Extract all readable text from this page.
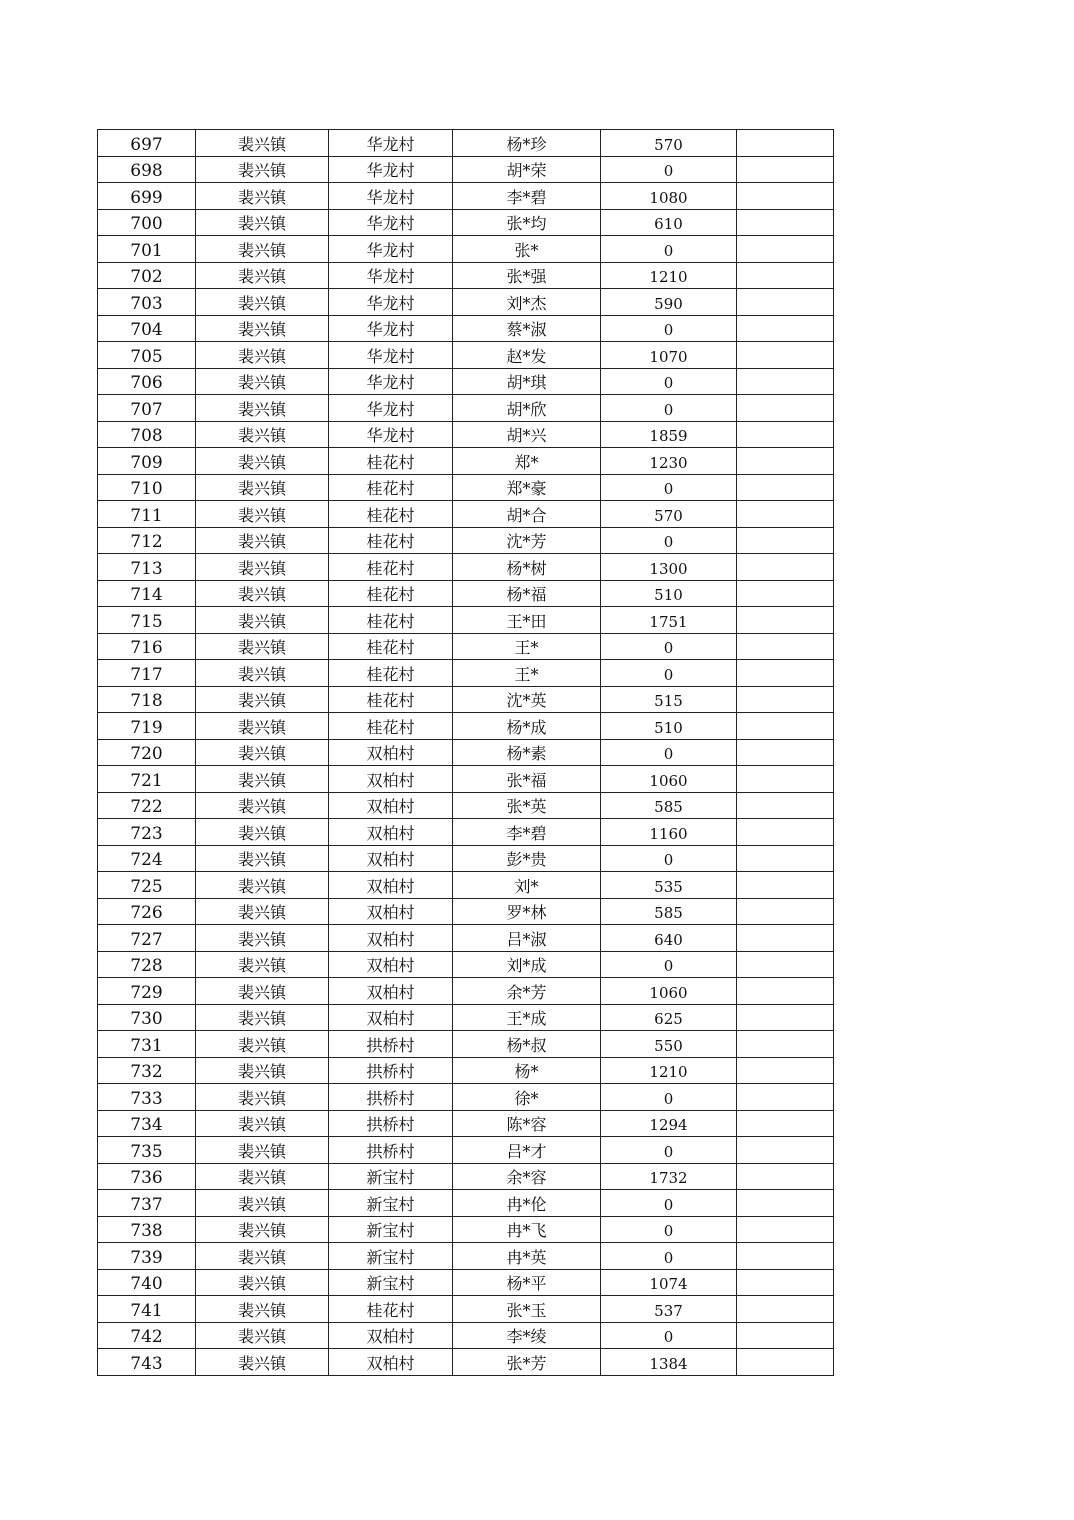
697	裴兴镇	华龙村	杨*珍	570	
698	裴兴镇	华龙村	胡*荣	0	
699	裴兴镇	华龙村	李*碧	1080	
700	裴兴镇	华龙村	张*均	610	
701	裴兴镇	华龙村	张*	0	
702	裴兴镇	华龙村	张*强	1210	
703	裴兴镇	华龙村	刘*杰	590	
704	裴兴镇	华龙村	蔡*淑	0	
705	裴兴镇	华龙村	赵*发	1070	
706	裴兴镇	华龙村	胡*琪	0	
707	裴兴镇	华龙村	胡*欣	0	
708	裴兴镇	华龙村	胡*兴	1859	
709	裴兴镇	桂花村	郑*	1230	
710	裴兴镇	桂花村	郑*豪	0	
711	裴兴镇	桂花村	胡*合	570	
712	裴兴镇	桂花村	沈*芳	0	
713	裴兴镇	桂花村	杨*树	1300	
714	裴兴镇	桂花村	杨*福	510	
715	裴兴镇	桂花村	王*田	1751	
716	裴兴镇	桂花村	王*	0	
717	裴兴镇	桂花村	王*	0	
718	裴兴镇	桂花村	沈*英	515	
719	裴兴镇	桂花村	杨*成	510	
720	裴兴镇	双柏村	杨*素	0	
721	裴兴镇	双柏村	张*福	1060	
722	裴兴镇	双柏村	张*英	585	
723	裴兴镇	双柏村	李*碧	1160	
724	裴兴镇	双柏村	彭*贵	0	
725	裴兴镇	双柏村	刘*	535	
726	裴兴镇	双柏村	罗*林	585	
727	裴兴镇	双柏村	吕*淑	640	
728	裴兴镇	双柏村	刘*成	0	
729	裴兴镇	双柏村	余*芳	1060	
730	裴兴镇	双柏村	王*成	625	
731	裴兴镇	拱桥村	杨*叔	550	
732	裴兴镇	拱桥村	杨*	1210	
733	裴兴镇	拱桥村	徐*	0	
734	裴兴镇	拱桥村	陈*容	1294	
735	裴兴镇	拱桥村	吕*才	0	
736	裴兴镇	新宝村	余*容	1732	
737	裴兴镇	新宝村	冉*伦	0	
738	裴兴镇	新宝村	冉*飞	0	
739	裴兴镇	新宝村	冉*英	0	
740	裴兴镇	新宝村	杨*平	1074	
741	裴兴镇	桂花村	张*玉	537	
742	裴兴镇	双柏村	李*绫	0	
743	裴兴镇	双柏村	张*芳	1384	
